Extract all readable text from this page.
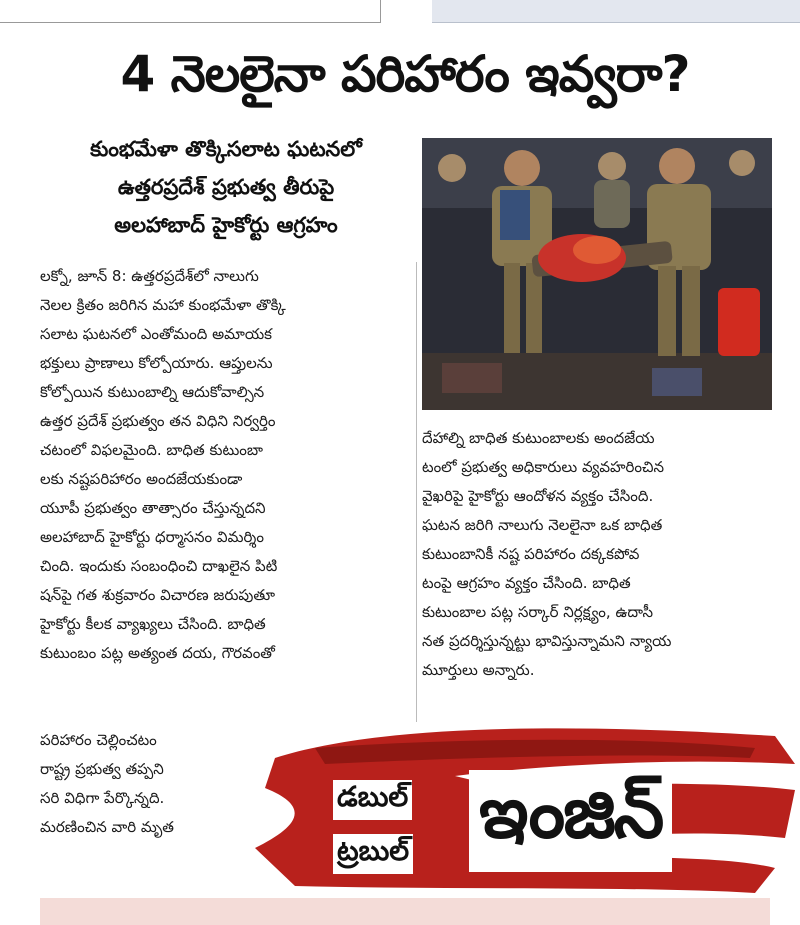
4 నెలలైనా పరిహారం ఇవ్వరా?
కుంభమేళా తొక్కిసలాట ఘటనలో
ఉత్తరప్రదేశ్ ప్రభుత్వ తీరుపై
అలహాబాద్ హైకోర్టు ఆగ్రహం
లక్నో, జూన్ 8: ఉత్తరప్రదేశ్‌లో నాలుగు
నెలల క్రితం జరిగిన మహా కుంభమేళా తొక్కి
సలాట ఘటనలో ఎంతోమంది అమాయక
భక్తులు ప్రాణాలు కోల్పోయారు. ఆప్తులను
కోల్పోయిన కుటుంబాల్ని ఆదుకోవాల్సిన
ఉత్తర ప్రదేశ్ ప్రభుత్వం తన విధిని నిర్వర్తిం
చటంలో విఫలమైంది. బాధిత కుటుంబా
లకు నష్టపరిహారం అందజేయకుండా
యూపీ ప్రభుత్వం తాత్సారం చేస్తున్నదని
అలహాబాద్ హైకోర్టు ధర్మాసనం విమర్శిం
చింది. ఇందుకు సంబంధించి దాఖలైన పిటి
షన్‌పై గత శుక్రవారం విచారణ జరుపుతూ
హైకోర్టు కీలక వ్యాఖ్యలు చేసింది. బాధిత
కుటుంబం పట్ల అత్యంత దయ, గౌరవంతో
పరిహారం చెల్లించటం
రాష్ట్ర ప్రభుత్వ తప్పని
సరి విధిగా పేర్కొన్నది.
మరణించిన వారి మృత
దేహాల్ని బాధిత కుటుంబాలకు అందజేయ
టంలో ప్రభుత్వ అధికారులు వ్యవహరించిన
వైఖరిపై హైకోర్టు ఆందోళన వ్యక్తం చేసింది.
ఘటన జరిగి నాలుగు నెలలైనా ఒక బాధిత
కుటుంబానికీ నష్ట పరిహారం దక్కకపోవ
టంపై ఆగ్రహం వ్యక్తం చేసింది. బాధిత
కుటుంబాల పట్ల సర్కార్ నిర్లక్ష్యం, ఉదాసీ
నత ప్రదర్శిస్తున్నట్టు భావిస్తున్నామని న్యాయ
మూర్తులు అన్నారు.
డబుల్
ట్రబుల్ ఇంజిన్
